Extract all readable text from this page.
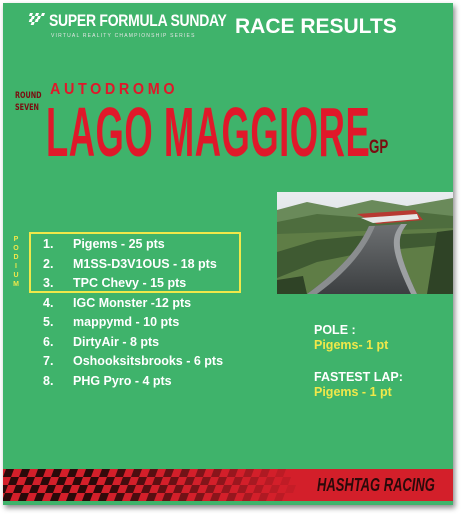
SUPER FORMULA SUNDAY
VIRTUAL REALITY CHAMPIONSHIP SERIES RACE RESULTS
ROUND
SEVEN
AUTODROMO
LAGO MAGGIORE
GP
P
O
D
I
U
M
1.	Pigems - 25 pts
2.	M1SS-D3V1OUS - 18 pts
3.	TPC Chevy - 15 pts
4.	IGC Monster -12 pts
5.	mappymd - 10 pts
6.	DirtyAir - 8 pts
7.	Oshooksitsbrooks - 6 pts
8.	PHG Pyro - 4 pts
POLE :
Pigems- 1 pt
FASTEST LAP:
Pigems - 1 pt
HASHTAG RACING
